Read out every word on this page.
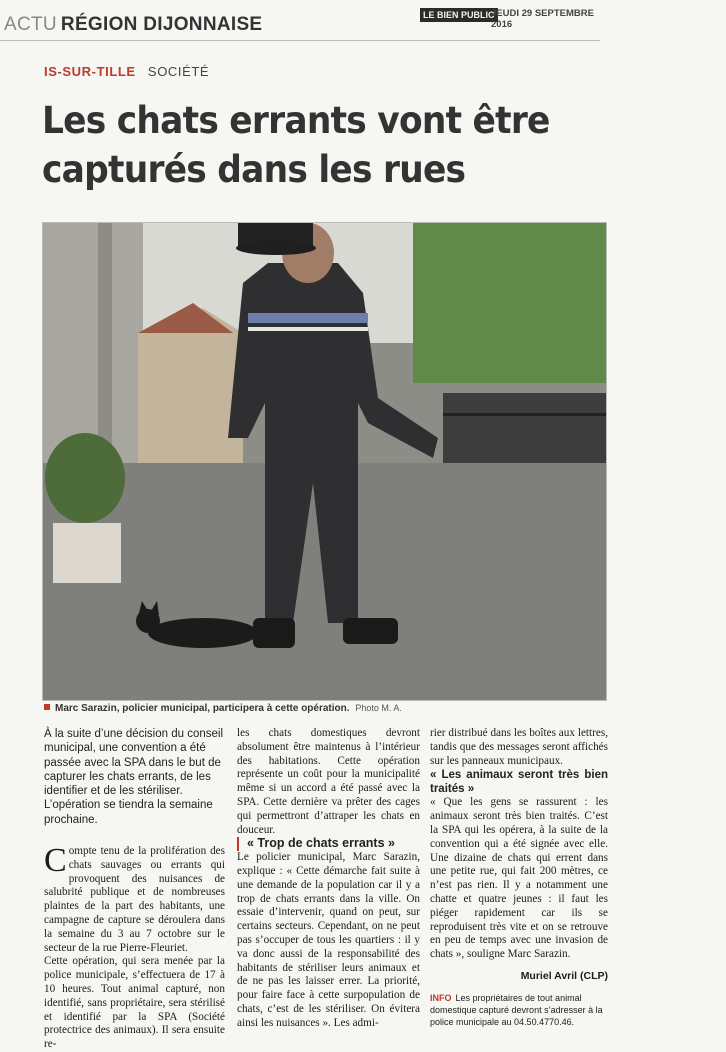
ACTU RÉGION DIJONNAISE	LE BIEN PUBLIC
JEUDI 29 SEPTEMBRE 2016
IS-SUR-TILLE SOCIÉTÉ
Les chats errants vont être capturés dans les rues
Marc Sarazin, policier municipal, participera à cette opération. Photo M. A.

À la suite d’une décision du conseil municipal, une convention a été passée avec la SPA dans le but de capturer les chats errants, de les identifier et de les stériliser. L’opération se tiendra la semaine prochaine.

Compte tenu de la prolifération des chats sauvages ou errants qui provoquent des nuisances de salubrité publique et de nombreuses plaintes de la part des habitants, une campagne de capture se déroulera dans la semaine du 3 au 7 octobre sur le secteur de la rue Pierre-Fleuriet.

Cette opération, qui sera menée par la police municipale, s’effectuera de 17 à 10 heures. Tout animal capturé, non identifié, sans propriétaire, sera stérilisé et identifié par la SPA (Société protectrice des animaux). Il sera ensuite re-

les chats domestiques devront absolument être maintenus à l’intérieur des habitations. Cette opération représente un coût pour la municipalité même si un accord a été passé avec la SPA. Cette dernière va prêter des cages qui permettront d’attraper les chats en douceur.

« Trop de chats errants »

Le policier municipal, Marc Sarazin, explique : « Cette démarche fait suite à une demande de la population car il y a trop de chats errants dans la ville. On essaie d’intervenir, quand on peut, sur certains secteurs. Cependant, on ne peut pas s’occuper de tous les quartiers : il y va donc aussi de la responsabilité des habitants de stériliser leurs animaux et de ne pas les laisser errer. La priorité, pour faire face à cette surpopulation de chats, c’est de les stériliser. On évitera ainsi les nuisances ». Les admi-

rier distribué dans les boîtes aux lettres, tandis que des messages seront affichés sur les panneaux municipaux.

« Les animaux seront très bien traités »

« Que les gens se rassurent : les animaux seront très bien traités. C’est la SPA qui les opérera, à la suite de la convention qui a été signée avec elle. Une dizaine de chats qui errent dans une petite rue, qui fait 200 mètres, ce n’est pas rien. Il y a notamment une chatte et quatre jeunes : il faut les piéger rapidement car ils se reproduisent très vite et on se retrouve en peu de temps avec une invasion de chats », souligne Marc Sarazin.

Muriel Avril (CLP)

INFO Les propriétaires de tout animal domestique capturé devront s’adresser à la police municipale au 04.50.4770.46.
